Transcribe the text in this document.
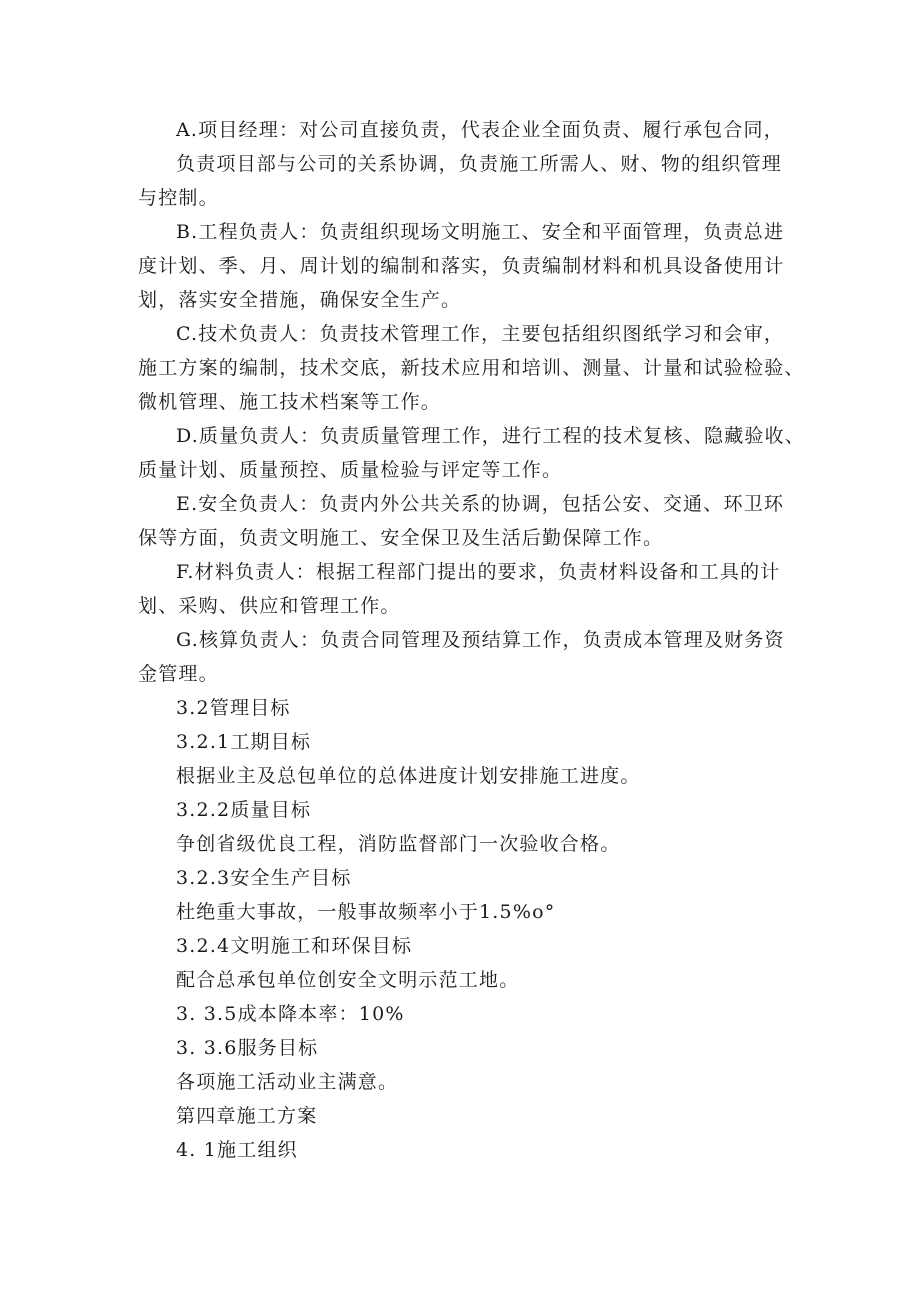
A.项目经理：对公司直接负责，代表企业全面负责、履行承包合同，
负责项目部与公司的关系协调，负责施工所需人、财、物的组织管理
与控制。
B.工程负责人：负责组织现场文明施工、安全和平面管理，负责总进
度计划、季、月、周计划的编制和落实，负责编制材料和机具设备使用计
划，落实安全措施，确保安全生产。
C.技术负责人：负责技术管理工作，主要包括组织图纸学习和会审，
施工方案的编制，技术交底，新技术应用和培训、测量、计量和试验检验、
微机管理、施工技术档案等工作。
D.质量负责人：负责质量管理工作，进行工程的技术复核、隐藏验收、
质量计划、质量预控、质量检验与评定等工作。
E.安全负责人：负责内外公共关系的协调，包括公安、交通、环卫环
保等方面，负责文明施工、安全保卫及生活后勤保障工作。
F.材料负责人：根据工程部门提出的要求，负责材料设备和工具的计
划、采购、供应和管理工作。
G.核算负责人：负责合同管理及预结算工作，负责成本管理及财务资
金管理。
3.2管理目标
3.2.1工期目标
根据业主及总包单位的总体进度计划安排施工进度。
3.2.2质量目标
争创省级优良工程，消防监督部门一次验收合格。
3.2.3安全生产目标
杜绝重大事故，一般事故频率小于1.5%o°
3.2.4文明施工和环保目标
配合总承包单位创安全文明示范工地。
3. 3.5成本降本率：10%
3. 3.6服务目标
各项施工活动业主满意。
第四章施工方案
4. 1施工组织
